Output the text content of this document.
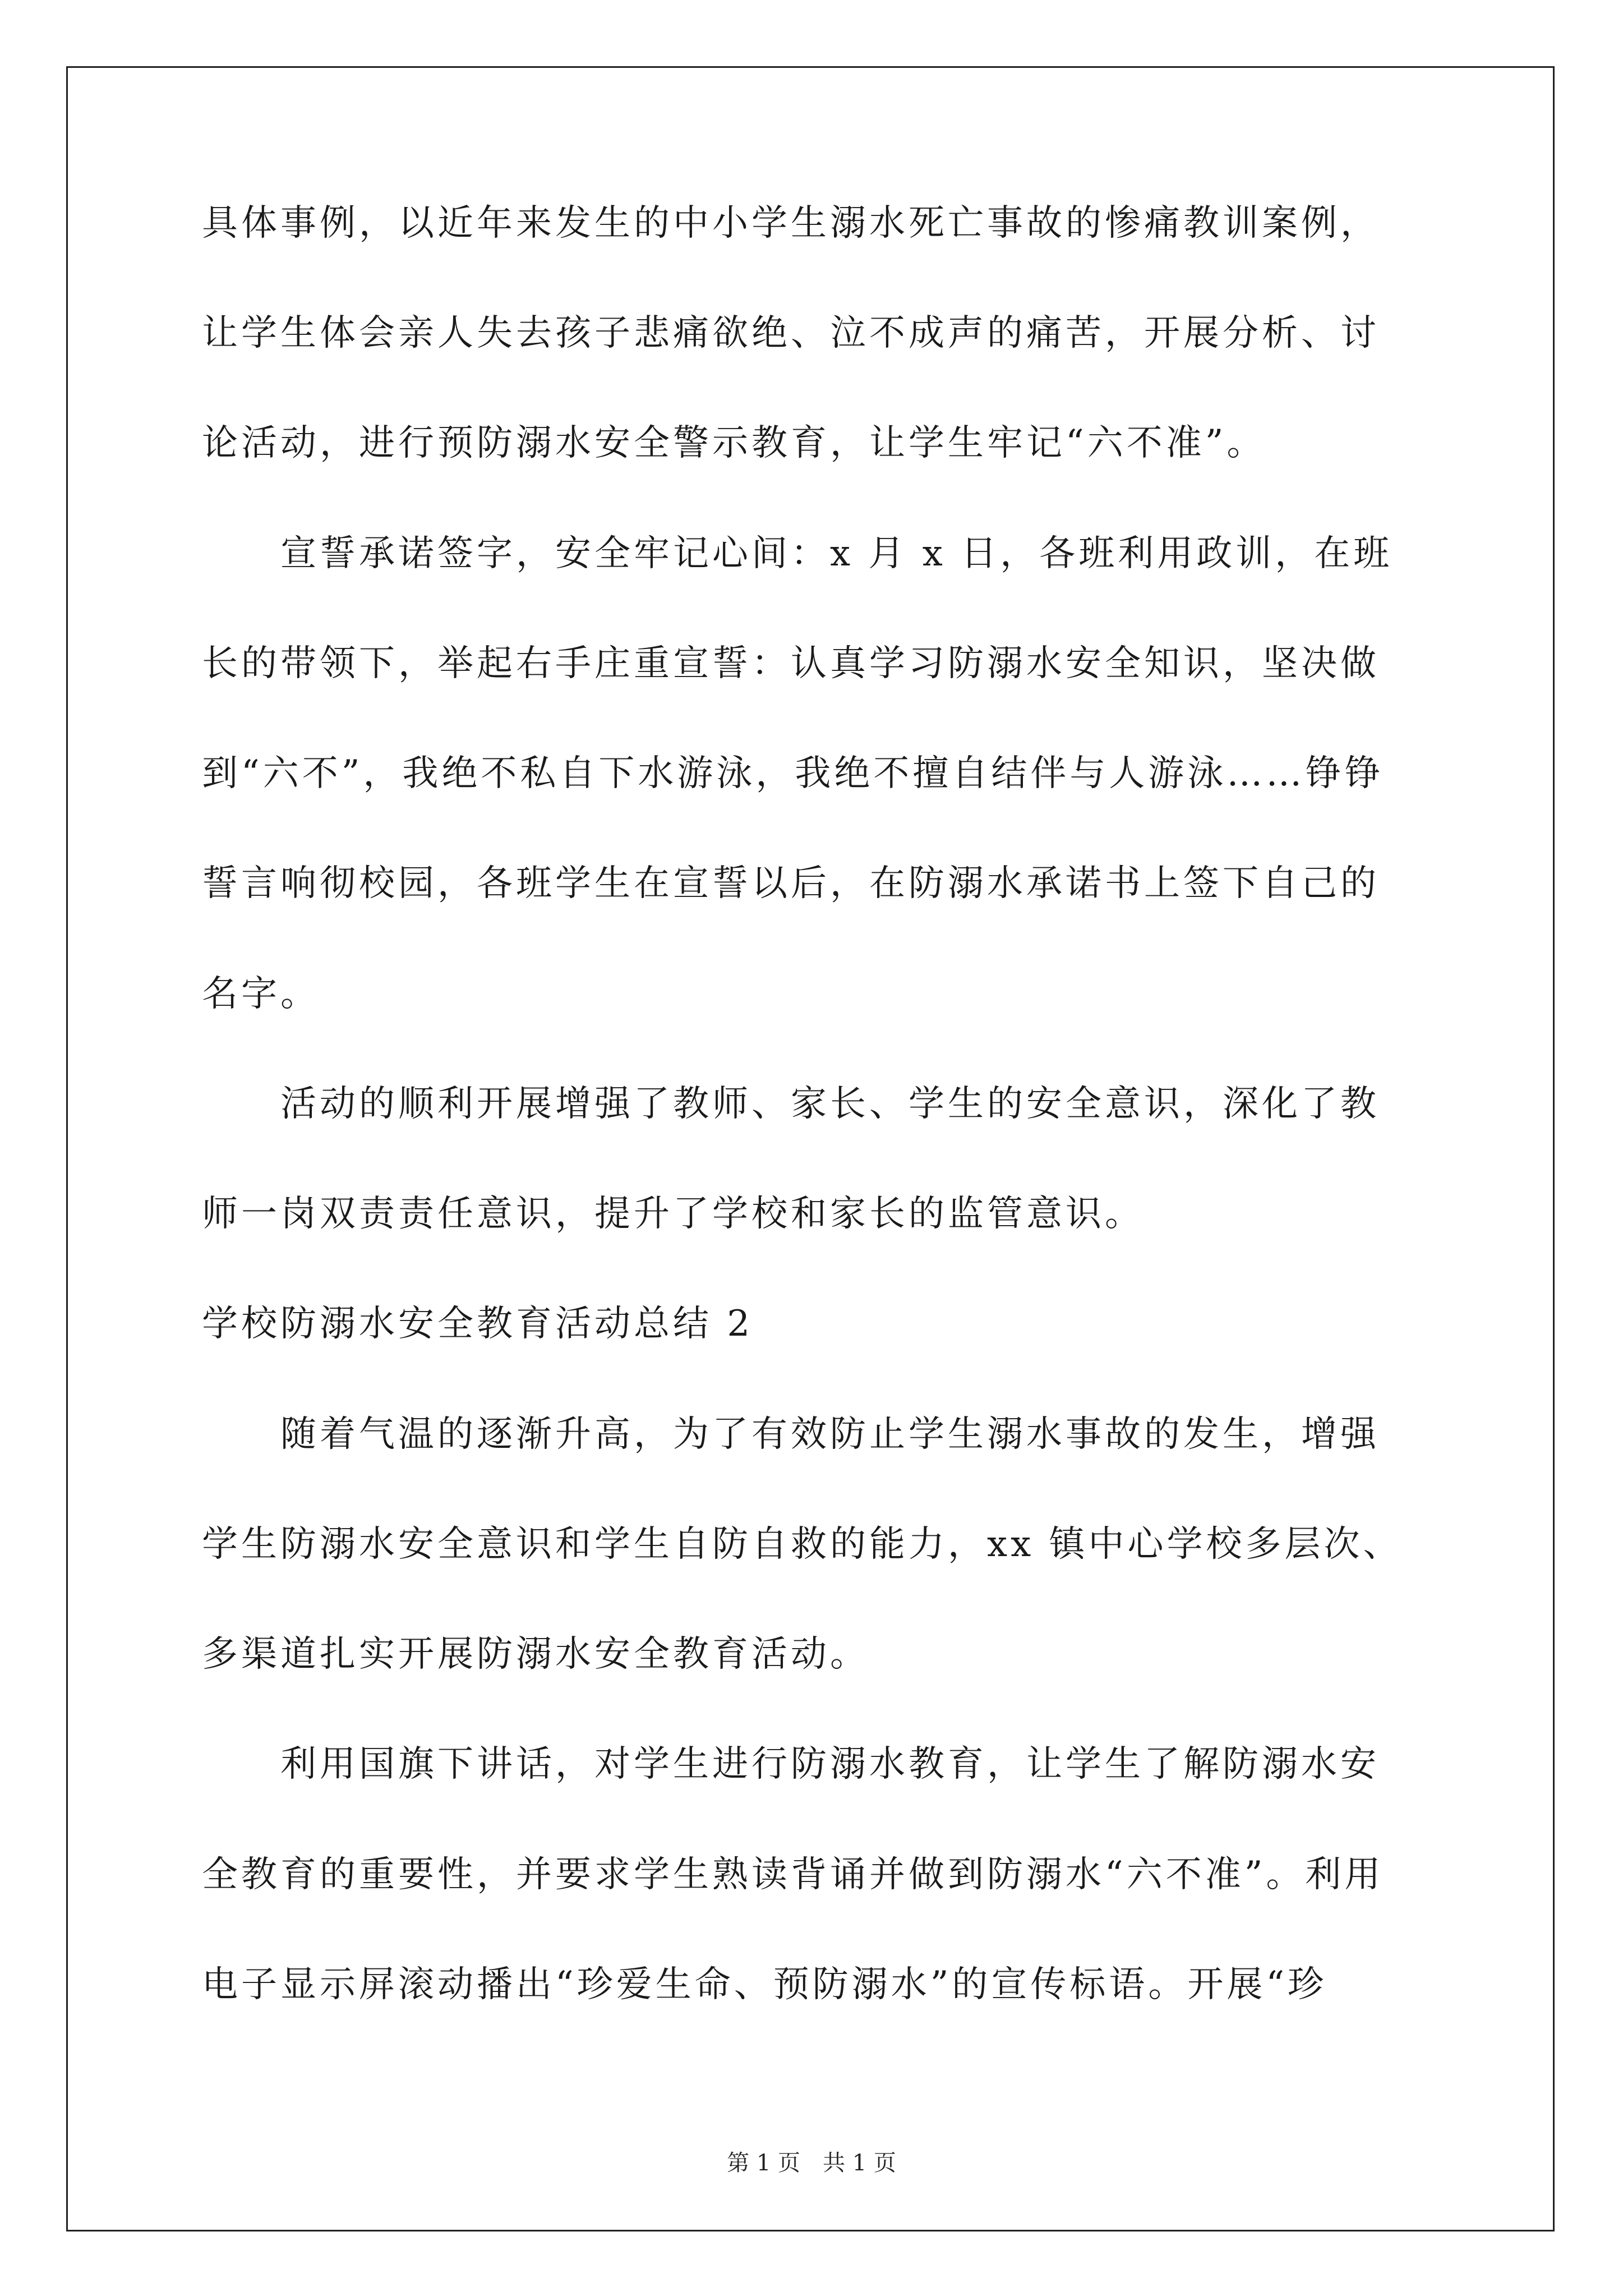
具体事例，以近年来发生的中小学生溺水死亡事故的惨痛教训案例，
让学生体会亲人失去孩子悲痛欲绝、泣不成声的痛苦，开展分析、讨
论活动，进行预防溺水安全警示教育，让学生牢记“六不准”。
宣誓承诺签字，安全牢记心间：x 月 x 日，各班利用政训，在班
长的带领下，举起右手庄重宣誓：认真学习防溺水安全知识，坚决做
到“六不”，我绝不私自下水游泳，我绝不擅自结伴与人游泳……铮铮
誓言响彻校园，各班学生在宣誓以后，在防溺水承诺书上签下自己的
名字。
活动的顺利开展增强了教师、家长、学生的安全意识，深化了教
师一岗双责责任意识，提升了学校和家长的监管意识。
学校防溺水安全教育活动总结 2
随着气温的逐渐升高，为了有效防止学生溺水事故的发生，增强
学生防溺水安全意识和学生自防自救的能力，xx 镇中心学校多层次、
多渠道扎实开展防溺水安全教育活动。
利用国旗下讲话，对学生进行防溺水教育，让学生了解防溺水安
全教育的重要性，并要求学生熟读背诵并做到防溺水“六不准”。利用
电子显示屏滚动播出“珍爱生命、预防溺水”的宣传标语。开展“珍
第 1 页　共 1 页
